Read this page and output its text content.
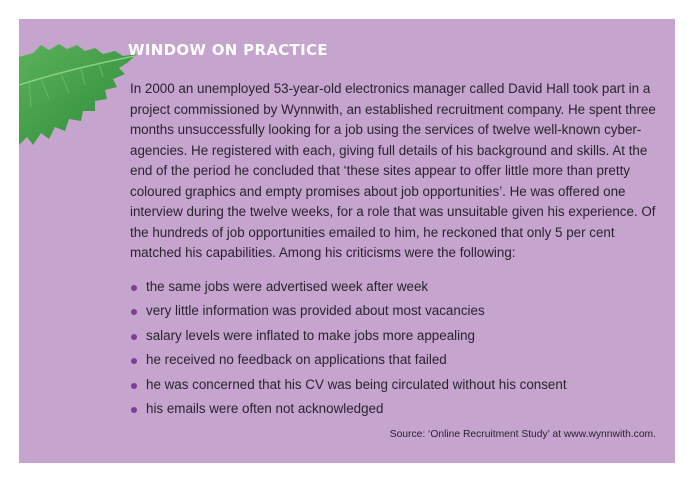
WINDOW ON PRACTICE

In 2000 an unemployed 53-year-old electronics manager called David Hall took part in a project commissioned by Wynnwith, an established recruitment company. He spent three months unsuccessfully looking for a job using the services of twelve well-known cyber-agencies. He registered with each, giving full details of his background and skills. At the end of the period he concluded that ‘these sites appear to offer little more than pretty coloured graphics and empty promises about job opportunities’. He was offered one interview during the twelve weeks, for a role that was unsuitable given his experience. Of the hundreds of job opportunities emailed to him, he reckoned that only 5 per cent matched his capabilities. Among his criticisms were the following:

the same jobs were advertised week after week
very little information was provided about most vacancies
salary levels were inflated to make jobs more appealing
he received no feedback on applications that failed
he was concerned that his CV was being circulated without his consent
his emails were often not acknowledged

Source: ‘Online Recruitment Study’ at www.wynnwith.com.
